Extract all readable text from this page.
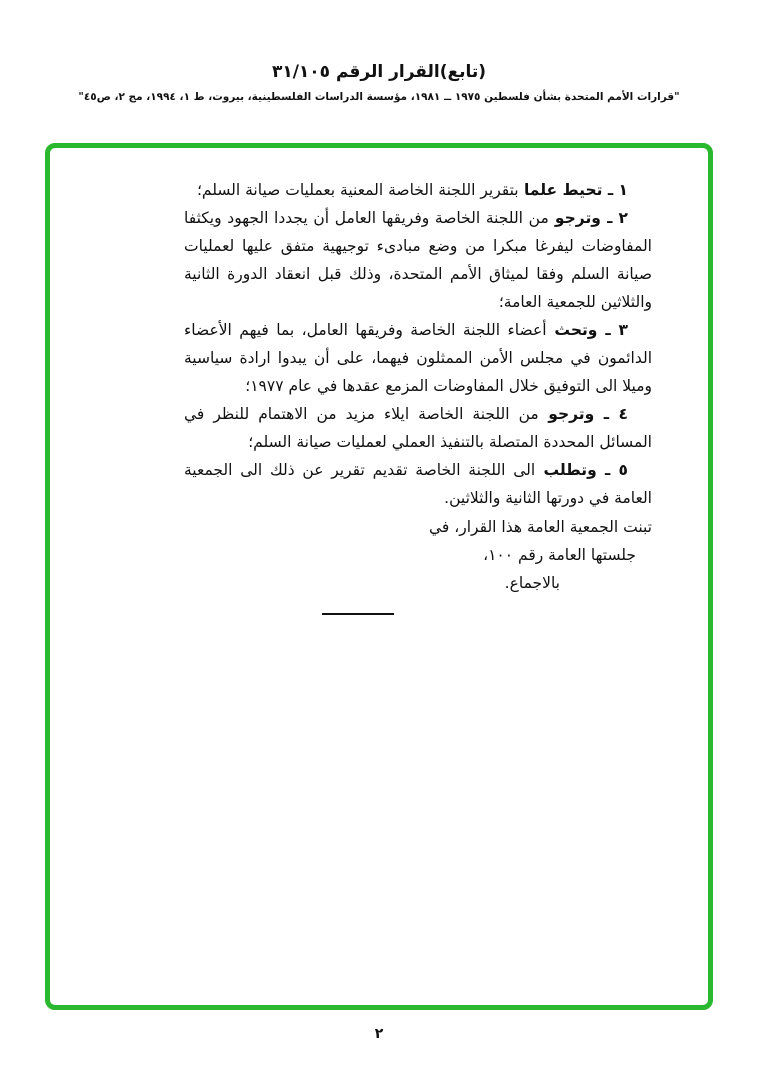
(تابع)القرار الرقم ٣١/١٠٥
"قرارات الأمم المتحدة بشأن فلسطين ١٩٧٥ ــ ١٩٨١، مؤسسة الدراسات الفلسطينية، بيروت، ط ١، ١٩٩٤، مج ٢، ص٤٥"

١ ـ تحيط علما بتقرير اللجنة الخاصة المعنية بعمليات صيانة السلم؛

٢ ـ وترجو من اللجنة الخاصة وفريقها العامل أن يجددا الجهود ويكثفا المفاوضات ليفرغا مبكرا من وضع مبادىء توجيهية متفق عليها لعمليات صيانة السلم وفقا لميثاق الأمم المتحدة، وذلك قبل انعقاد الدورة الثانية والثلاثين للجمعية العامة؛

٣ ـ وتحث أعضاء اللجنة الخاصة وفريقها العامل، بما فيهم الأعضاء الدائمون في مجلس الأمن الممثلون فيهما، على أن يبدوا ارادة سياسية وميلا الى التوفيق خلال المفاوضات المزمع عقدها في عام ١٩٧٧؛

٤ ـ وترجو من اللجنة الخاصة ايلاء مزيد من الاهتمام للنظر في المسائل المحددة المتصلة بالتنفيذ العملي لعمليات صيانة السلم؛

٥ ـ وتطلب الى اللجنة الخاصة تقديم تقرير عن ذلك الى الجمعية العامة في دورتها الثانية والثلاثين.

تبنت الجمعية العامة هذا القرار، في
جلستها العامة رقم ١٠٠،
بالاجماع.
٢
